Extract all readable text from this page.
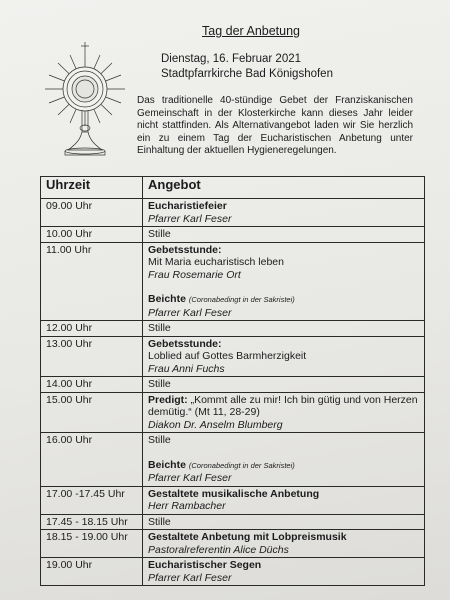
Tag der Anbetung
Dienstag, 16. Februar 2021
Stadtpfarrkirche Bad Königshofen
Das traditionelle 40-stündige Gebet der Franziskanischen Gemeinschaft in der Klosterkirche kann dieses Jahr leider nicht stattfinden. Als Alternativangebot laden wir Sie herzlich ein zu einem Tag der Eucharistischen Anbetung unter Einhaltung der aktuellen Hygieneregelungen.
Uhrzeit	Angebot
09.00 Uhr	Eucharistiefeier
Pfarrer Karl Feser

10.00 Uhr	Stille
11.00 Uhr	Gebetsstunde:
Mit Maria eucharistisch leben
Frau Rosemarie Ort
Beichte (Coronabedingt in der Sakristei)
Pfarrer Karl Feser

12.00 Uhr	Stille
13.00 Uhr	Gebetsstunde:
Loblied auf Gottes Barmherzigkeit
Frau Anni Fuchs

14.00 Uhr	Stille
15.00 Uhr	Predigt: „Kommt alle zu mir! Ich bin gütig und von Herzen demütig.“ (Mt 11, 28-29)
Diakon Dr. Anselm Blumberg

16.00 Uhr	Stille
Beichte (Coronabedingt in der Sakristei)
Pfarrer Karl Feser

17.00 -17.45 Uhr	Gestaltete musikalische Anbetung
Herr Rambacher

17.45 - 18.15 Uhr	Stille
18.15 - 19.00 Uhr	Gestaltete Anbetung mit Lobpreismusik
Pastoralreferentin Alice Düchs

19.00 Uhr	Eucharistischer Segen
Pfarrer Karl Feser
